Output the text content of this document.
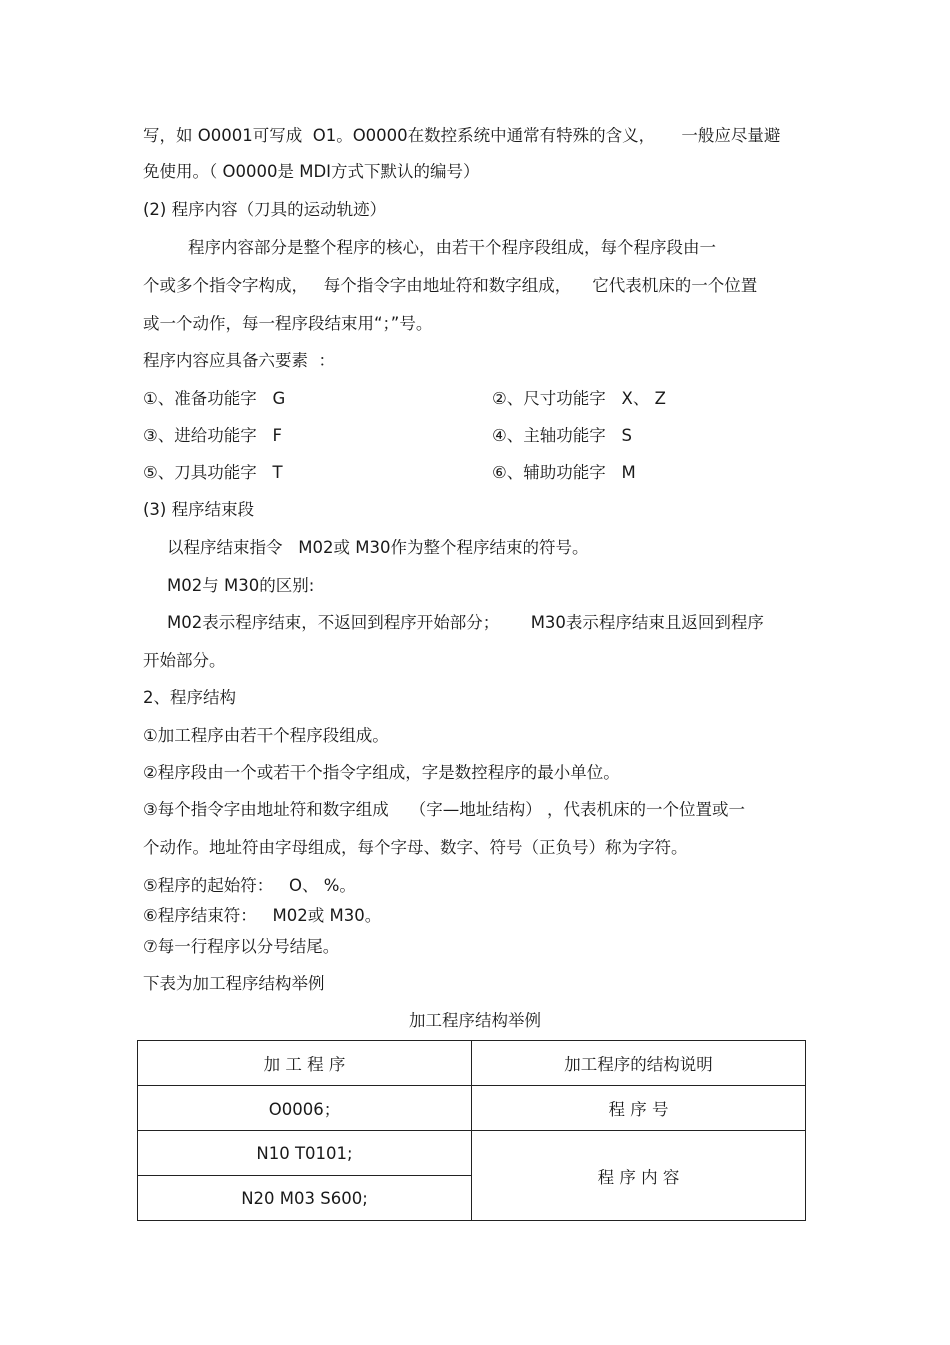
写，如 O0001可写成  O1。O0000在数控系统中通常有特殊的含义，     一般应尽量避
免使用。（ O0000是 MDI方式下默认的编号）
(2) 程序内容（刀具的运动轨迹）
程序内容部分是整个程序的核心，由若干个程序段组成，每个程序段由一
个或多个指令字构成，   每个指令字由地址符和数字组成，    它代表机床的一个位置
或一个动作，每一程序段结束用“；”号。
程序内容应具备六要素  ：
①、准备功能字   G	②、尺寸功能字   X、 Z
③、进给功能字   F	④、主轴功能字   S
⑤、刀具功能字   T	⑥、辅助功能字   M
(3) 程序结束段
以程序结束指令   M02或 M30作为整个程序结束的符号。
M02与 M30的区别:
M02表示程序结束，不返回到程序开始部分；      M30表示程序结束且返回到程序
开始部分。
2、程序结构
①加工程序由若干个程序段组成。
②程序段由一个或若干个指令字组成，字是数控程序的最小单位。
③每个指令字由地址符和数字组成    （字—地址结构） ，代表机床的一个位置或一
个动作。地址符由字母组成，每个字母、数字、符号（正负号）称为字符。
⑤程序的起始符：   O、 %。
⑥程序结束符：   M02或 M30。
⑦每一行程序以分号结尾。
下表为加工程序结构举例
加工程序结构举例
加 工 程 序	加工程序的结构说明
O0006；	程 序 号
N10 T0101;	程 序 内 容
N20 M03 S600;	
